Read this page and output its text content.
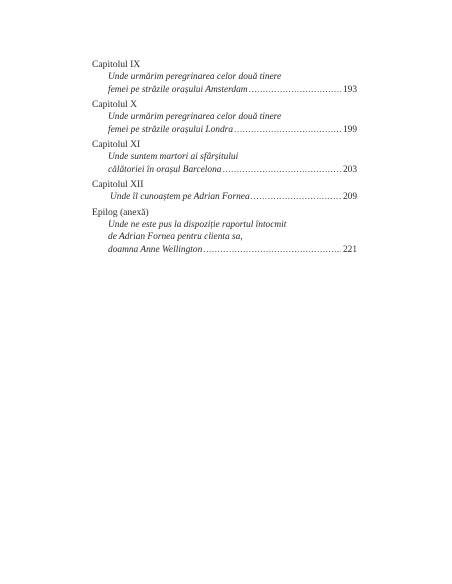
Capitolul IX

Unde urmărim peregrinarea celor două tinere
femei pe străzile orașului Amsterdam .....	193

Capitolul X

Unde urmărim peregrinarea celor două tinere
femei pe străzile orașului Londra .....	199

Capitolul XI

Unde suntem martori ai sfârșitului
călătoriei în orașul Barcelona .....	203

Capitolul XII

Unde îl cunoaștem pe Adrian Fornea .....	209

Epilog (anexă)

Unde ne este pus la dispoziție raportul întocmit
de Adrian Fornea pentru clienta sa,
doamna Anne Wellington .....	221
